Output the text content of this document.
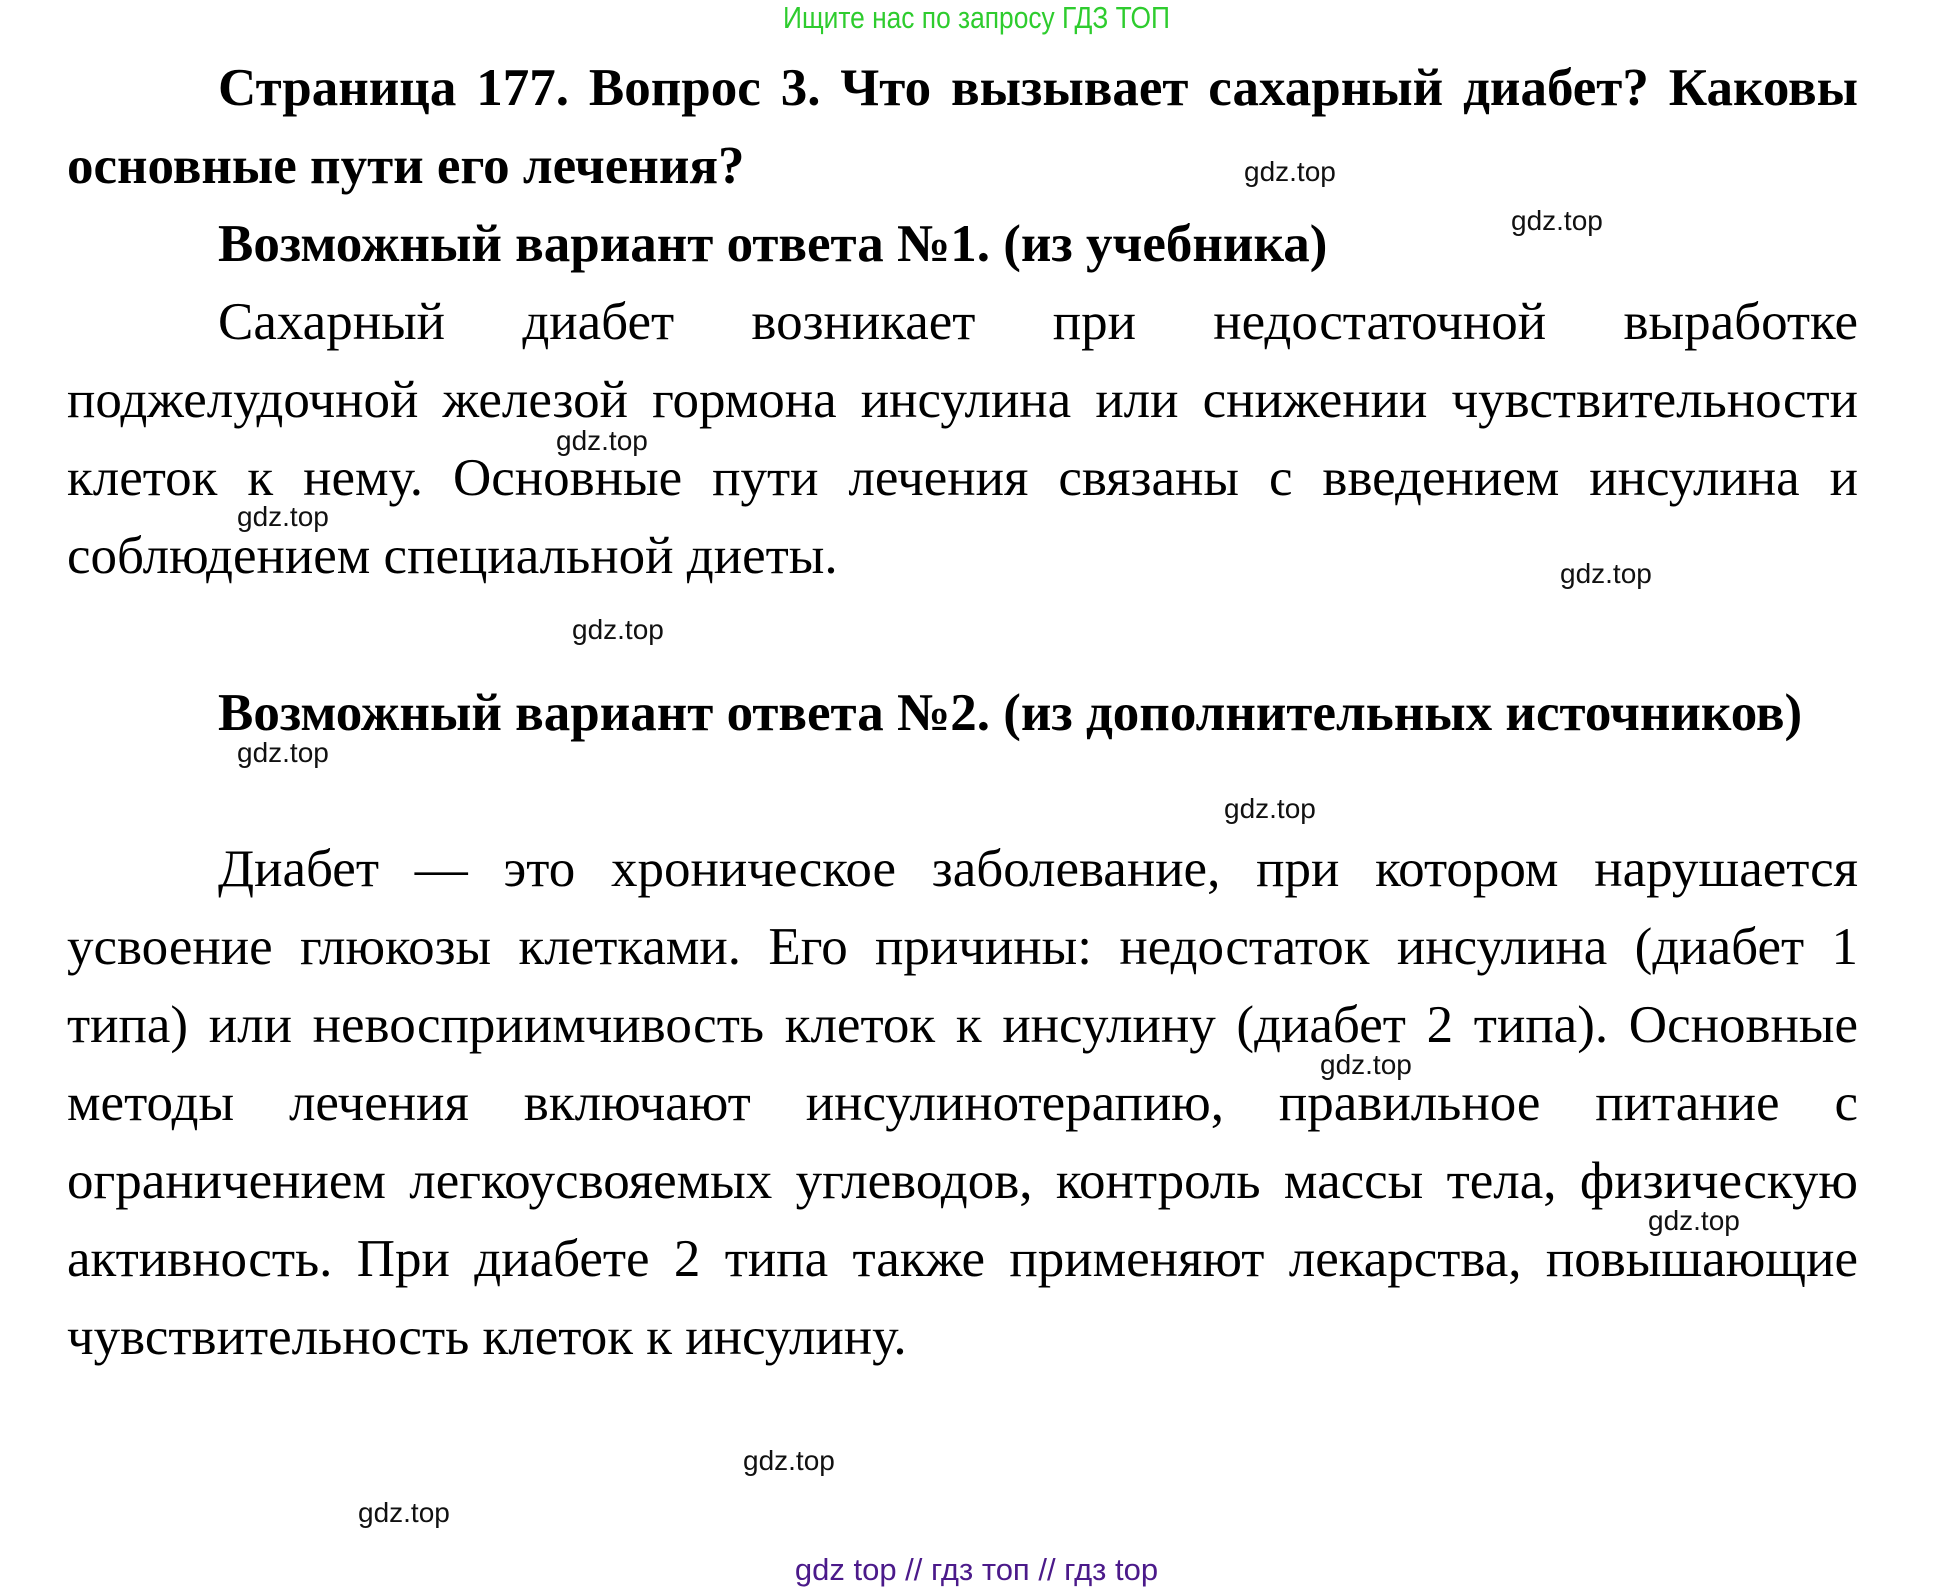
Ищите нас по запросу ГДЗ ТОП

Страница 177. Вопрос 3. Что вызывает сахарный диабет? Каковы основные пути его лечения?

Возможный вариант ответа №1. (из учебника)

Сахарный диабет возникает при недостаточной выработке поджелудочной железой гормона инсулина или снижении чувствительности клеток к нему. Основные пути лечения связаны с введением инсулина и соблюдением специальной диеты.

Возможный вариант ответа №2. (из дополнительных источников)

Диабет — это хроническое заболевание, при котором нарушается усвоение глюкозы клетками. Его причины: недостаток инсулина (диабет 1 типа) или невосприимчивость клеток к инсулину (диабет 2 типа). Основные методы лечения включают инсулинотерапию, правильное питание с ограничением легкоусвояемых углеводов, контроль массы тела, физическую активность. При диабете 2 типа также применяют лекарства, повышающие чувствительность клеток к инсулину.

gdz.top
gdz.top
gdz.top
gdz.top
gdz.top
gdz.top
gdz.top
gdz.top
gdz.top
gdz.top
gdz.top
gdz.top
gdz top // гдз топ // гдз top
